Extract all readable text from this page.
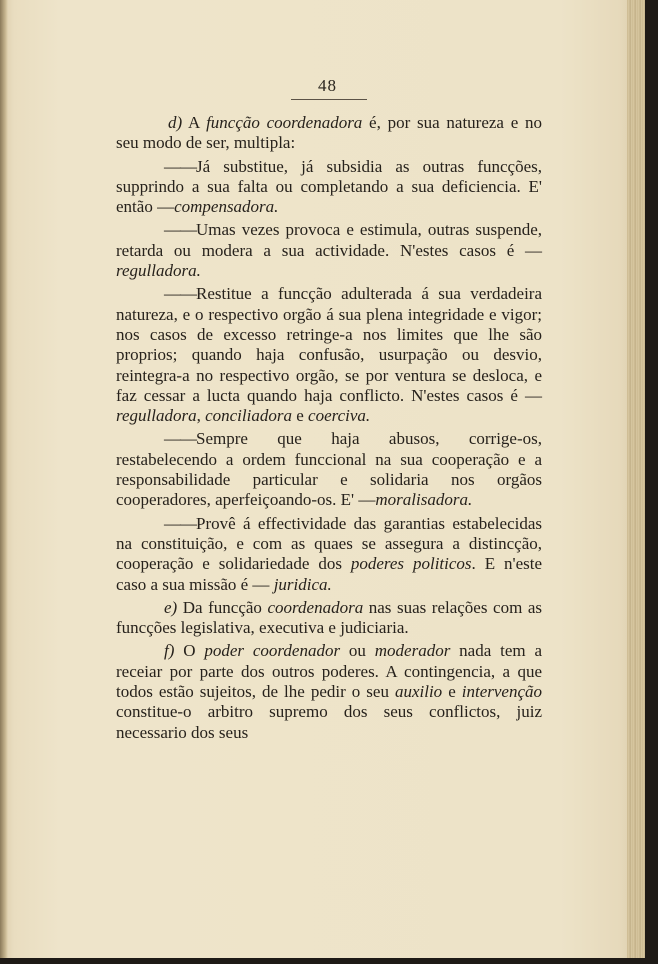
48

d) A funcção coordenadora é, por sua natureza e no seu modo de ser, multipla:

——Já substitue, já subsidia as outras funcções, supprindo a sua falta ou completando a sua deficiencia. E' então —compensadora.

——Umas vezes provoca e estimula, outras suspende, retarda ou modera a sua actividade. N'estes casos é —regulladora.

——Restitue a funcção adulterada á sua verdadeira natureza, e o respectivo orgão á sua plena integridade e vigor; nos casos de excesso retringe-a nos limites que lhe são proprios; quando haja confusão, usurpação ou desvio, reintegra-a no respectivo orgão, se por ventura se desloca, e faz cessar a lucta quando haja conflicto. N'estes casos é —regulladora, conciliadora e coerciva.

——Sempre que haja abusos, corrige-os, restabelecendo a ordem funccional na sua cooperação e a responsabilidade particular e solidaria nos orgãos cooperadores, aperfeiçoando-os. E' —moralisadora.

——Provê á effectividade das garantias estabelecidas na constituição, e com as quaes se assegura a distincção, cooperação e solidariedade dos poderes politicos. E n'este caso a sua missão é — juridica.

e) Da funcção coordenadora nas suas relações com as funcções legislativa, executiva e judiciaria.

f) O poder coordenador ou moderador nada tem a receiar por parte dos outros poderes. A contingencia, a que todos estão sujeitos, de lhe pedir o seu auxilio e intervenção constitue-o arbitro supremo dos seus conflictos, juiz necessario dos seus
